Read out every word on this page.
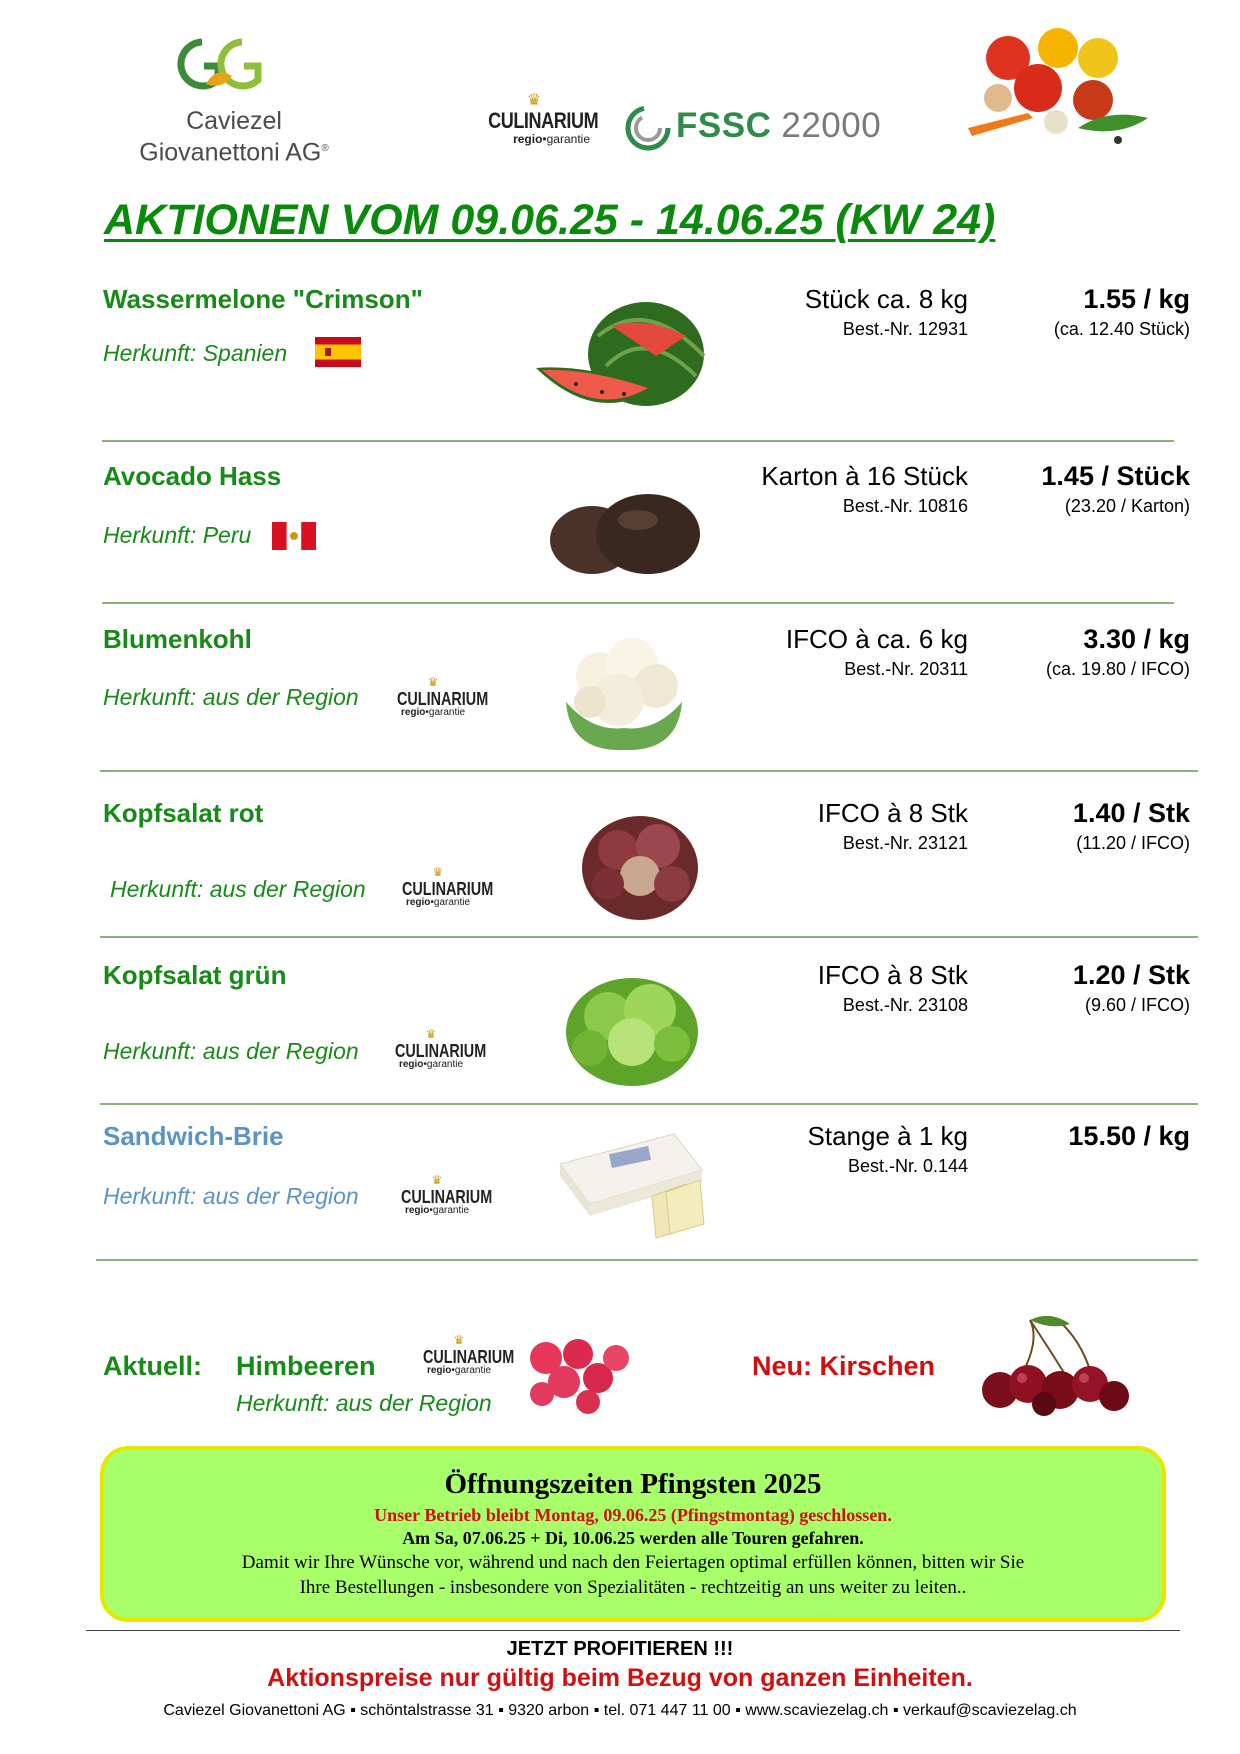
Caviezel
Giovanettoni AG®
♛
CULINARIUM
regio•garantie FSSC 22000
AKTIONEN VOM 09.06.25 - 14.06.25 (KW 24)
Wassermelone "Crimson"
Herkunft: Spanien
Stück ca. 8 kg
Best.-Nr. 12931
1.55 / kg
(ca. 12.40 Stück)
Avocado Hass
Herkunft: Peru
Karton à 16 Stück
Best.-Nr. 10816
1.45 / Stück
(23.20 / Karton)
Blumenkohl
Herkunft: aus der Region
♛
CULINARIUM
regio•garantie
IFCO à ca. 6 kg
Best.-Nr. 20311
3.30 / kg
(ca. 19.80 / IFCO)
Kopfsalat rot
Herkunft: aus der Region
♛
CULINARIUM
regio•garantie
IFCO à 8 Stk
Best.-Nr. 23121
1.40 / Stk
(11.20 / IFCO)
Kopfsalat grün
Herkunft: aus der Region
♛
CULINARIUM
regio•garantie
IFCO à 8 Stk
Best.-Nr. 23108
1.20 / Stk
(9.60 / IFCO)
Sandwich-Brie
Herkunft: aus der Region
♛
CULINARIUM
regio•garantie
Stange à 1 kg
Best.-Nr. 0.144
15.50 / kg
Aktuell: Himbeeren
Herkunft: aus der Region
♛
CULINARIUM
regio•garantie	Neu: Kirschen
Öffnungszeiten Pfingsten 2025
Unser Betrieb bleibt Montag, 09.06.25 (Pfingstmontag) geschlossen.
Am Sa, 07.06.25 + Di, 10.06.25 werden alle Touren gefahren.
Damit wir Ihre Wünsche vor, während und nach den Feiertagen optimal erfüllen können, bitten wir Sie
Ihre Bestellungen - insbesondere von Spezialitäten - rechtzeitig an uns weiter zu leiten..
JETZT PROFITIEREN !!!
Aktionspreise nur gültig beim Bezug von ganzen Einheiten.
Caviezel Giovanettoni AG ▪ schöntalstrasse 31 ▪ 9320 arbon ▪ tel. 071 447 11 00 ▪ www.scaviezelag.ch ▪ verkauf@scaviezelag.ch
